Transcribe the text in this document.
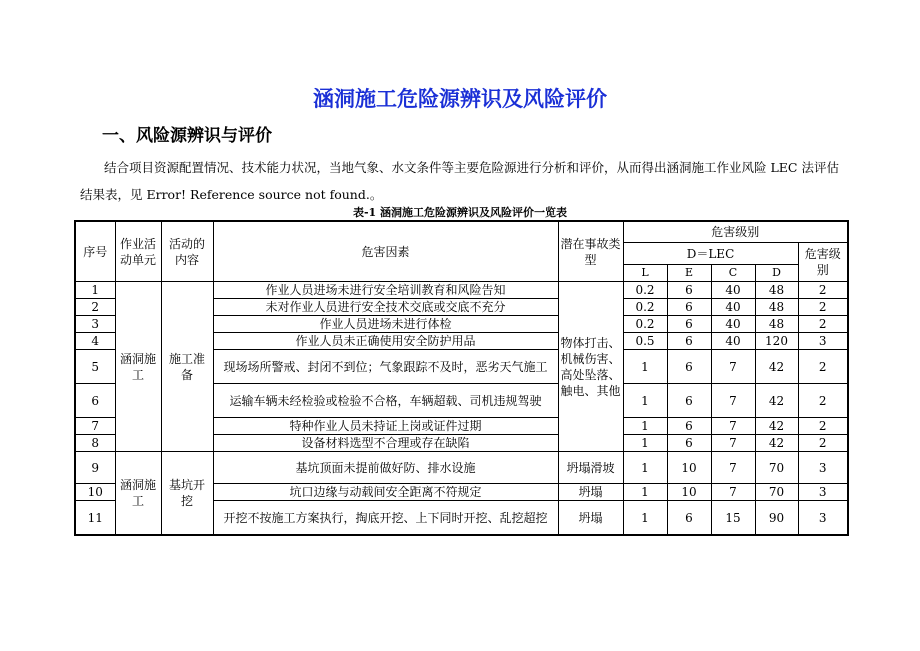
涵洞施工危险源辨识及风险评价
一、风险源辨识与评价

结合项目资源配置情况、技术能力状况，当地气象、水文条件等主要危险源进行分析和评价，从而得出涵洞施工作业风险 LEC 法评估结果表，见 Error! Reference source not found.。

表-1 涵洞施工危险源辨识及风险评价一览表
序号	作业活动单元	活动的内容	危害因素	潜在事故类型	危害级别				
					D＝LEC				危害级别
					L	E	C	D	
1	涵洞施工	施工准备	作业人员进场未进行安全培训教育和风险告知	物体打击、机械伤害、高处坠落、触电、其他	0.2	6	40	48	2
2			未对作业人员进行安全技术交底或交底不充分		0.2	6	40	48	2
3			作业人员进场未进行体检		0.2	6	40	48	2
4			作业人员未正确使用安全防护用品		0.5	6	40	120	3
5			现场场所警戒、封闭不到位；气象跟踪不及时，恶劣天气施工		1	6	7	42	2
6			运输车辆未经检验或检验不合格，车辆超载、司机违规驾驶		1	6	7	42	2
7			特种作业人员未持证上岗或证件过期		1	6	7	42	2
8			设备材料选型不合理或存在缺陷		1	6	7	42	2
9	涵洞施工	基坑开挖	基坑顶面未提前做好防、排水设施	坍塌滑坡	1	10	7	70	3
10			坑口边缘与动载间安全距离不符规定	坍塌	1	10	7	70	3
11			开挖不按施工方案执行，掏底开挖、上下同时开挖、乱挖超挖	坍塌	1	6	15	90	3
